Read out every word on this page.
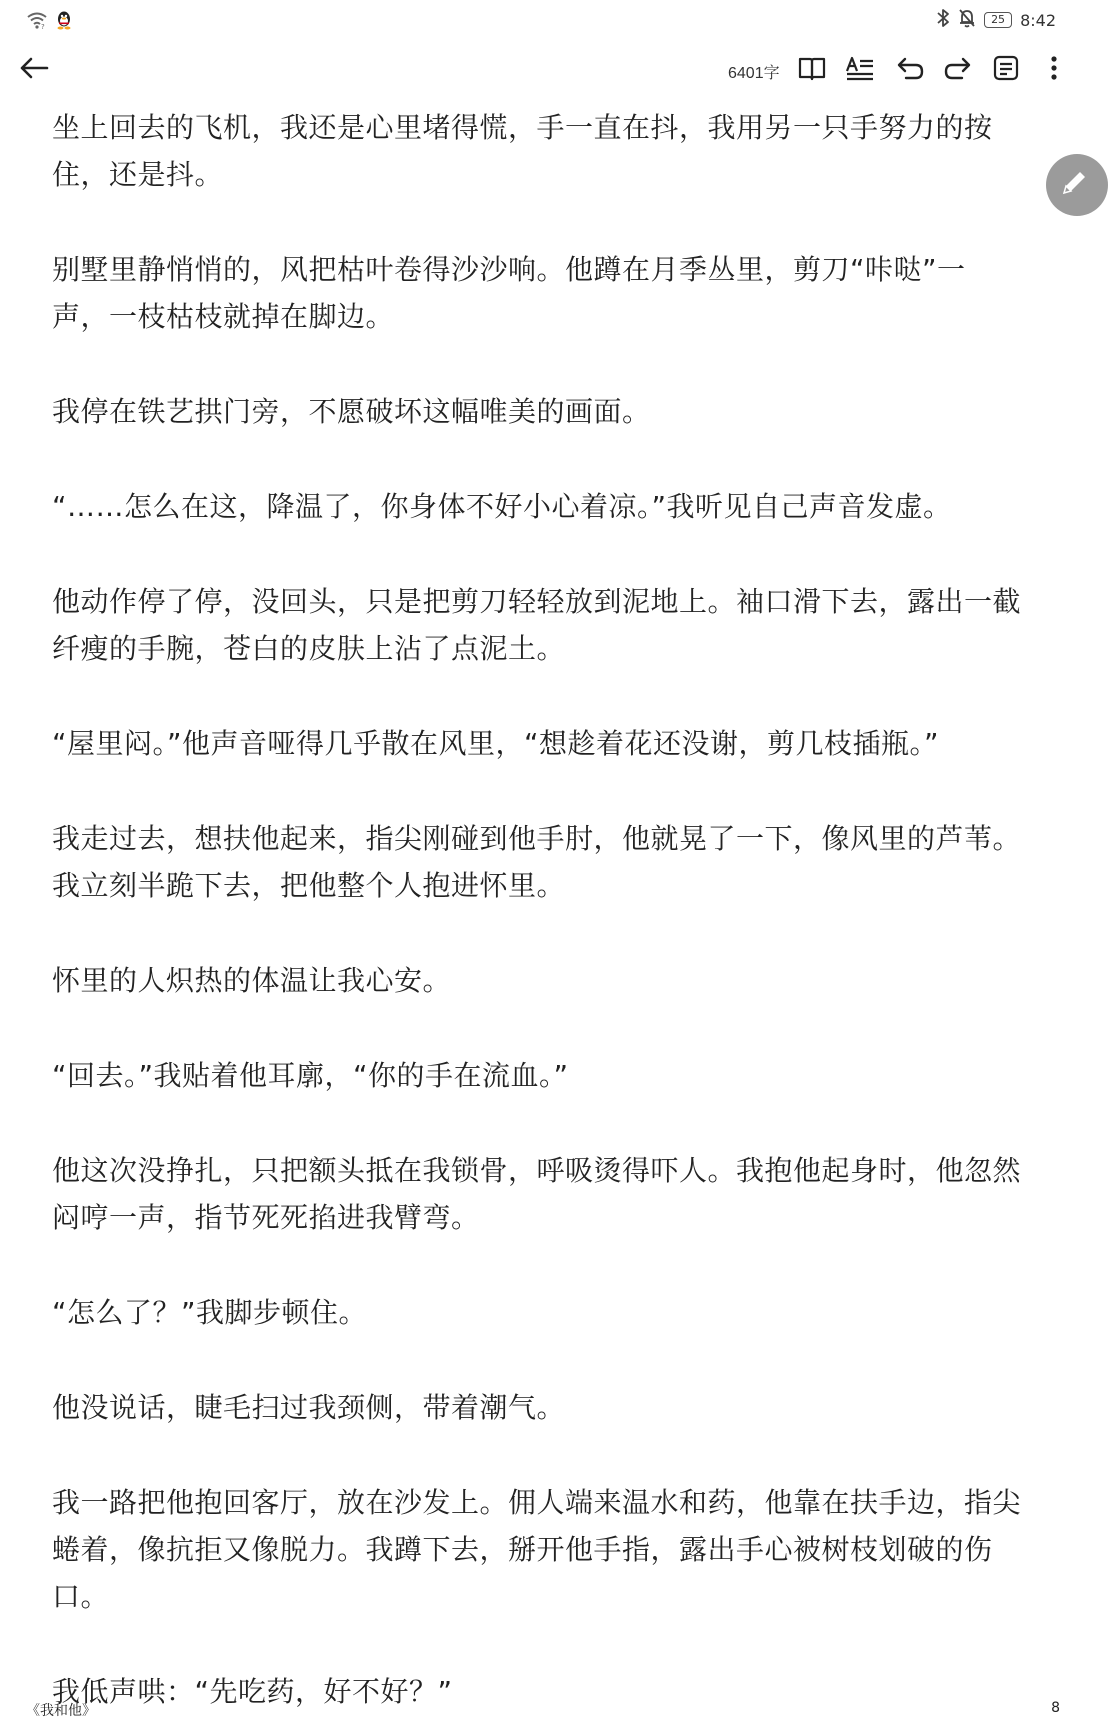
?
25 8:42
6401字

坐上回去的飞机，我还是心里堵得慌，手一直在抖，我用另一只手努力的按住，还是抖。

别墅里静悄悄的，风把枯叶卷得沙沙响。他蹲在月季丛里，剪刀“咔哒”一声，一枝枯枝就掉在脚边。

我停在铁艺拱门旁，不愿破坏这幅唯美的画面。

“……怎么在这，降温了，你身体不好小心着凉。”我听见自己声音发虚。

他动作停了停，没回头，只是把剪刀轻轻放到泥地上。袖口滑下去，露出一截纤瘦的手腕，苍白的皮肤上沾了点泥土。

“屋里闷。”他声音哑得几乎散在风里，“想趁着花还没谢，剪几枝插瓶。”

我走过去，想扶他起来，指尖刚碰到他手肘，他就晃了一下，像风里的芦苇。我立刻半跪下去，把他整个人抱进怀里。

怀里的人炽热的体温让我心安。

“回去。”我贴着他耳廓，“你的手在流血。”

他这次没挣扎，只把额头抵在我锁骨，呼吸烫得吓人。我抱他起身时，他忽然闷哼一声，指节死死掐进我臂弯。

“怎么了？”我脚步顿住。

他没说话，睫毛扫过我颈侧，带着潮气。

我一路把他抱回客厅，放在沙发上。佣人端来温水和药，他靠在扶手边，指尖蜷着，像抗拒又像脱力。我蹲下去，掰开他手指，露出手心被树枝划破的伤口。

我低声哄：“先吃药，好不好？”

《我和他》	8
